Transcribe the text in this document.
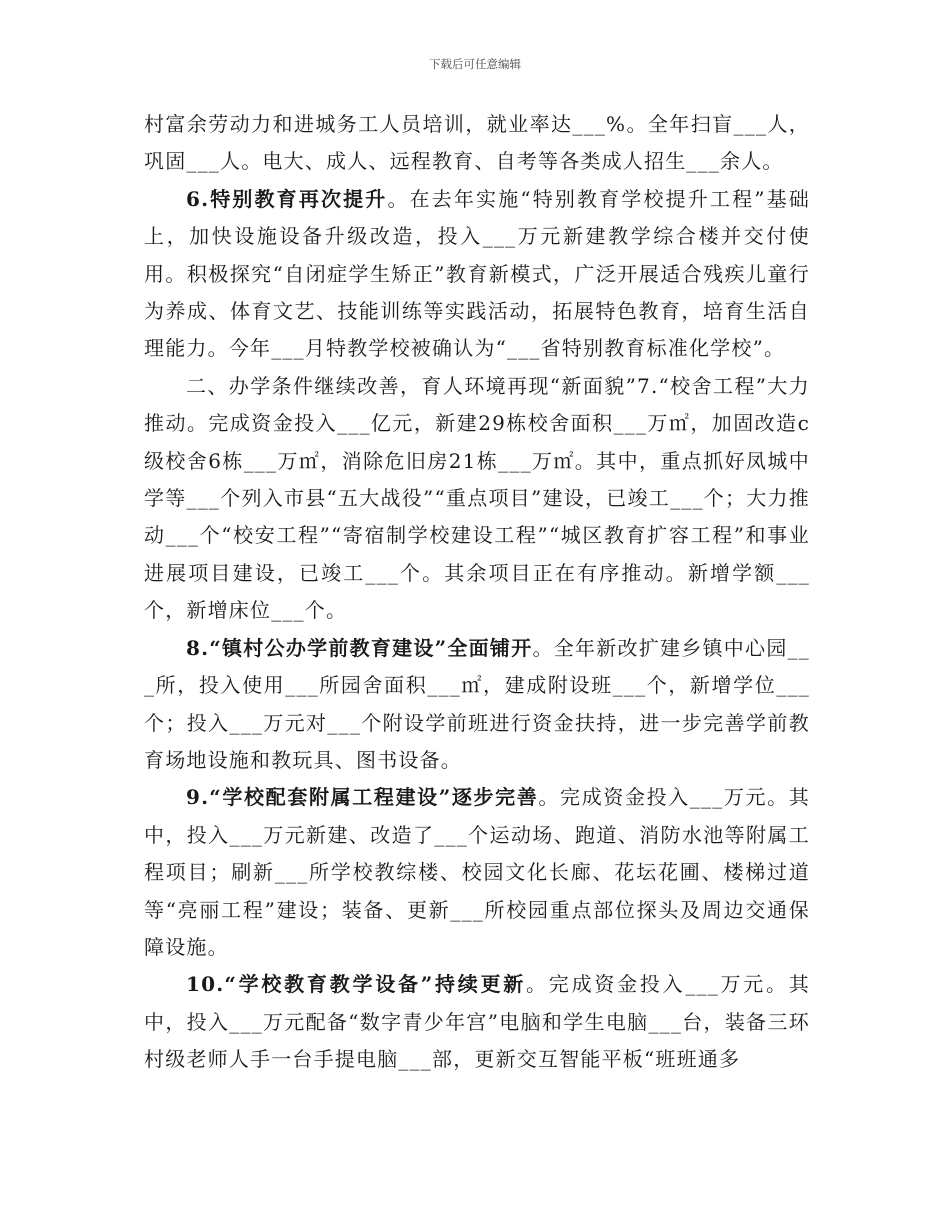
下载后可任意编辑

村富余劳动力和进城务工人员培训，就业率达___%。全年扫盲___人，巩固___人。电大、成人、远程教育、自考等各类成人招生___余人。

6.特别教育再次提升。在去年实施“特别教育学校提升工程”基础上，加快设施设备升级改造，投入___万元新建教学综合楼并交付使用。积极探究“自闭症学生矫正”教育新模式，广泛开展适合残疾儿童行为养成、体育文艺、技能训练等实践活动，拓展特色教育，培育生活自理能力。今年___月特教学校被确认为“___省特别教育标准化学校”。

二、办学条件继续改善，育人环境再现“新面貌”7.“校舍工程”大力推动。完成资金投入___亿元，新建29栋校舍面积___万㎡，加固改造c级校舍6栋___万㎡，消除危旧房21栋___万㎡。其中，重点抓好凤城中学等___个列入市县“五大战役”“重点项目”建设，已竣工___个；大力推动___个“校安工程”“寄宿制学校建设工程”“城区教育扩容工程”和事业进展项目建设，已竣工___个。其余项目正在有序推动。新增学额___个，新增床位___个。

8.“镇村公办学前教育建设”全面铺开。全年新改扩建乡镇中心园___所，投入使用___所园舍面积___㎡，建成附设班___个，新增学位___个；投入___万元对___个附设学前班进行资金扶持，进一步完善学前教育场地设施和教玩具、图书设备。

9.“学校配套附属工程建设”逐步完善。完成资金投入___万元。其中，投入___万元新建、改造了___个运动场、跑道、消防水池等附属工程项目；刷新___所学校教综楼、校园文化长廊、花坛花圃、楼梯过道等“亮丽工程”建设；装备、更新___所校园重点部位探头及周边交通保障设施。

10.“学校教育教学设备”持续更新。完成资金投入___万元。其中，投入___万元配备“数字青少年宫”电脑和学生电脑___台，装备三环村级老师人手一台手提电脑___部，更新交互智能平板“班班通多
